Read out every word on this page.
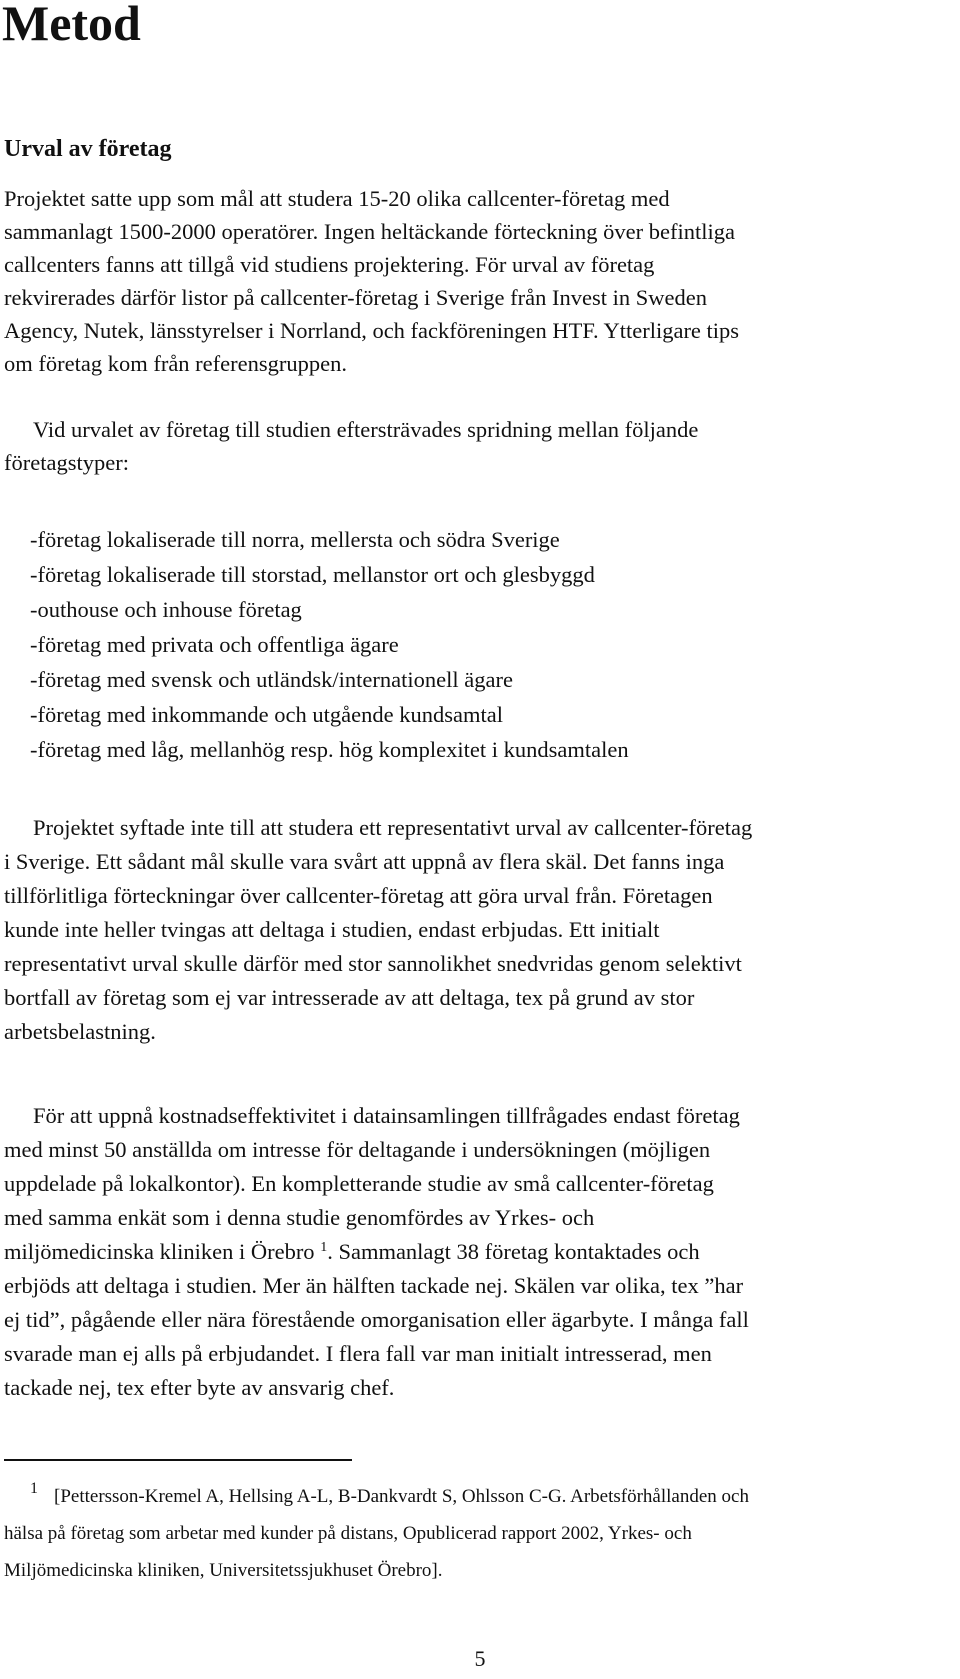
Metod
Urval av företag

Projektet satte upp som mål att studera 15-20 olika callcenter-företag med
sammanlagt 1500-2000 operatörer. Ingen heltäckande förteckning över befintliga
callcenters fanns att tillgå vid studiens projektering. För urval av företag
rekvirerades därför listor på callcenter-företag i Sverige från Invest in Sweden
Agency, Nutek, länsstyrelser i Norrland, och fackföreningen HTF. Ytterligare tips
om företag kom från referensgruppen.

Vid urvalet av företag till studien eftersträvades spridning mellan följande
företagstyper:

-företag lokaliserade till norra, mellersta och södra Sverige
-företag lokaliserade till storstad, mellanstor ort och glesbyggd
-outhouse och inhouse företag
-företag med privata och offentliga ägare
-företag med svensk och utländsk/internationell ägare
-företag med inkommande och utgående kundsamtal
-företag med låg, mellanhög resp. hög komplexitet i kundsamtalen

Projektet syftade inte till att studera ett representativt urval av callcenter-företag
i Sverige. Ett sådant mål skulle vara svårt att uppnå av flera skäl. Det fanns inga
tillförlitliga förteckningar över callcenter-företag att göra urval från. Företagen
kunde inte heller tvingas att deltaga i studien, endast erbjudas. Ett initialt
representativt urval skulle därför med stor sannolikhet snedvridas genom selektivt
bortfall av företag som ej var intresserade av att deltaga, tex på grund av stor
arbetsbelastning.

För att uppnå kostnadseffektivitet i datainsamlingen tillfrågades endast företag
med minst 50 anställda om intresse för deltagande i undersökningen (möjligen
uppdelade på lokalkontor). En kompletterande studie av små callcenter-företag
med samma enkät som i denna studie genomfördes av Yrkes- och
miljömedicinska kliniken i Örebro $^1$. Sammanlagt 38 företag kontaktades och
erbjöds att deltaga i studien. Mer än hälften tackade nej. Skälen var olika, tex ”har
ej tid”, pågående eller nära förestående omorganisation eller ägarbyte. I många fall
svarade man ej alls på erbjudandet. I flera fall var man initialt intresserad, men
tackade nej, tex efter byte av ansvarig chef.

$^1$ [Pettersson-Kremel A, Hellsing A-L, B-Dankvardt S, Ohlsson C-G. Arbetsförhållanden och
hälsa på företag som arbetar med kunder på distans, Opublicerad rapport 2002, Yrkes- och
Miljömedicinska kliniken, Universitetssjukhuset Örebro].

5
